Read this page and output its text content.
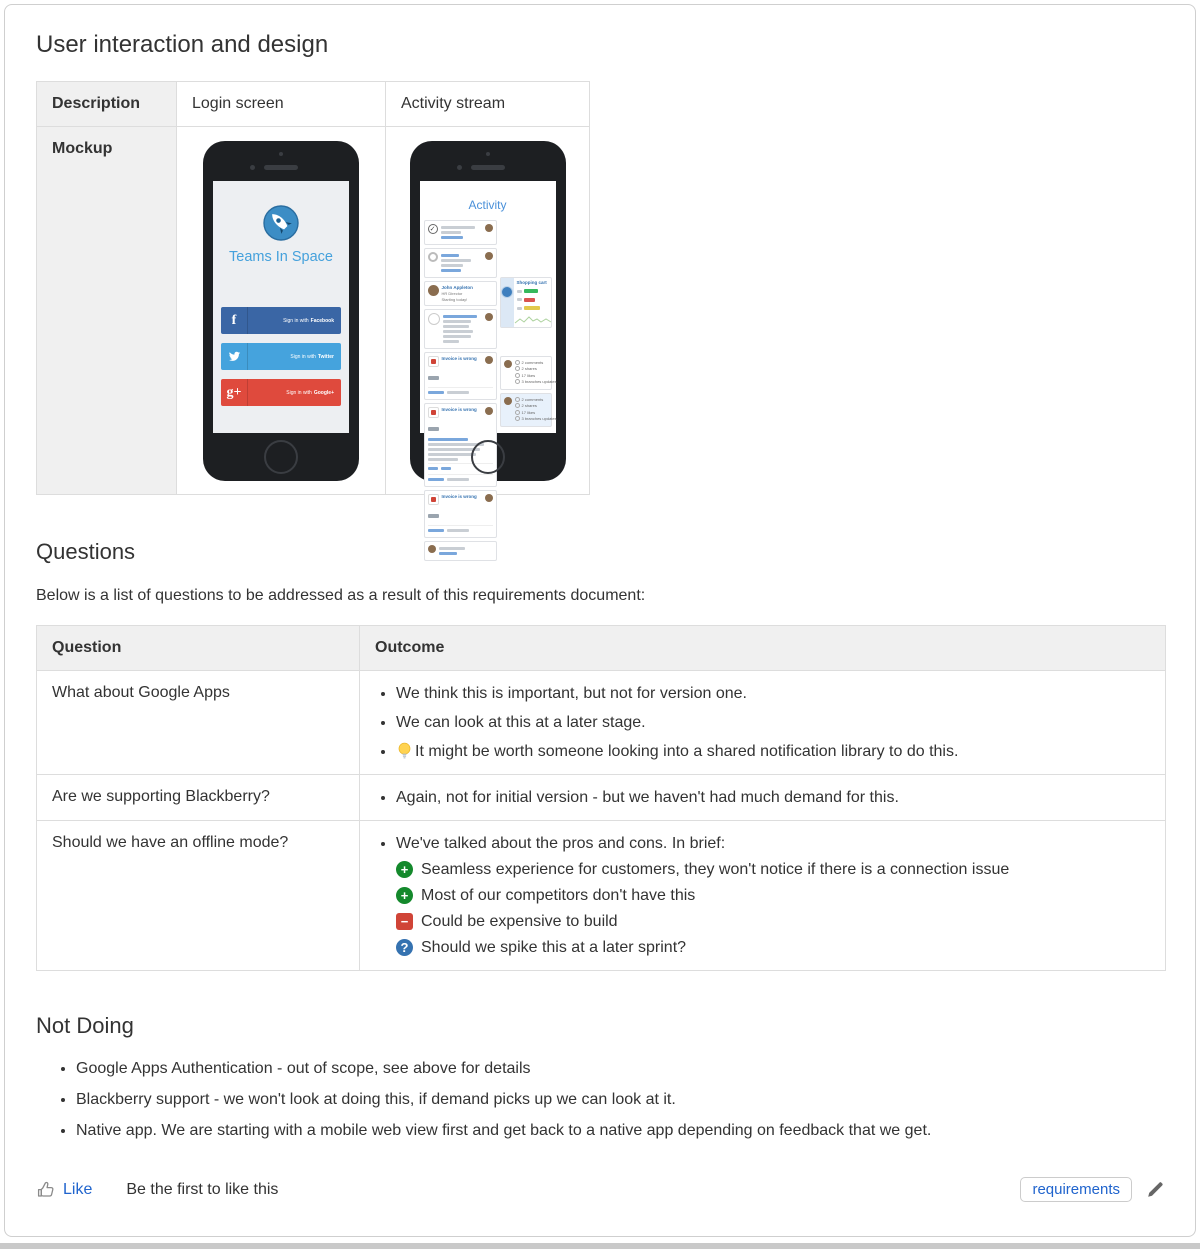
User interaction and design
Description	Login screen	Activity stream
Mockup	
Teams In Space
f	Sign in with Facebook
Sign in with Twitter
g+	Sign in with Google+

Activity
✓
John Appleton
HR Director
Starting today!
Invoice is wrong
Invoice is wrong
Invoice is wrong
Shopping cart
2 comments
2 shares
17 likes
3 branches updates
2 comments
2 shares
17 likes
3 branches updates
Questions

Below is a list of questions to be addressed as a result of this requirements document:

Question	Outcome
What about Google Apps	
•We think this is important, but not for version one.
• We can look at this at a later stage.
• It might be worth someone looking into a shared notification library to do this.

Are we supporting Blackberry?	
•Again, not for initial version - but we haven't had much demand for this.

Should we have an offline mode?	
•We've talked about the pros and cons. In brief:
+ Seamless experience for customers, they won't notice if there is a connection issue
+ Most of our competitors don't have this
− Could be expensive to build
? Should we spike this at a later sprint?
Not Doing
• Google Apps Authentication - out of scope, see above for details
• Blackberry support - we won't look at doing this, if demand picks up we can look at it.
• Native app. We are starting with a mobile web view first and get back to a native app depending on feedback that we get.
Like Be the first to like this	requirements
